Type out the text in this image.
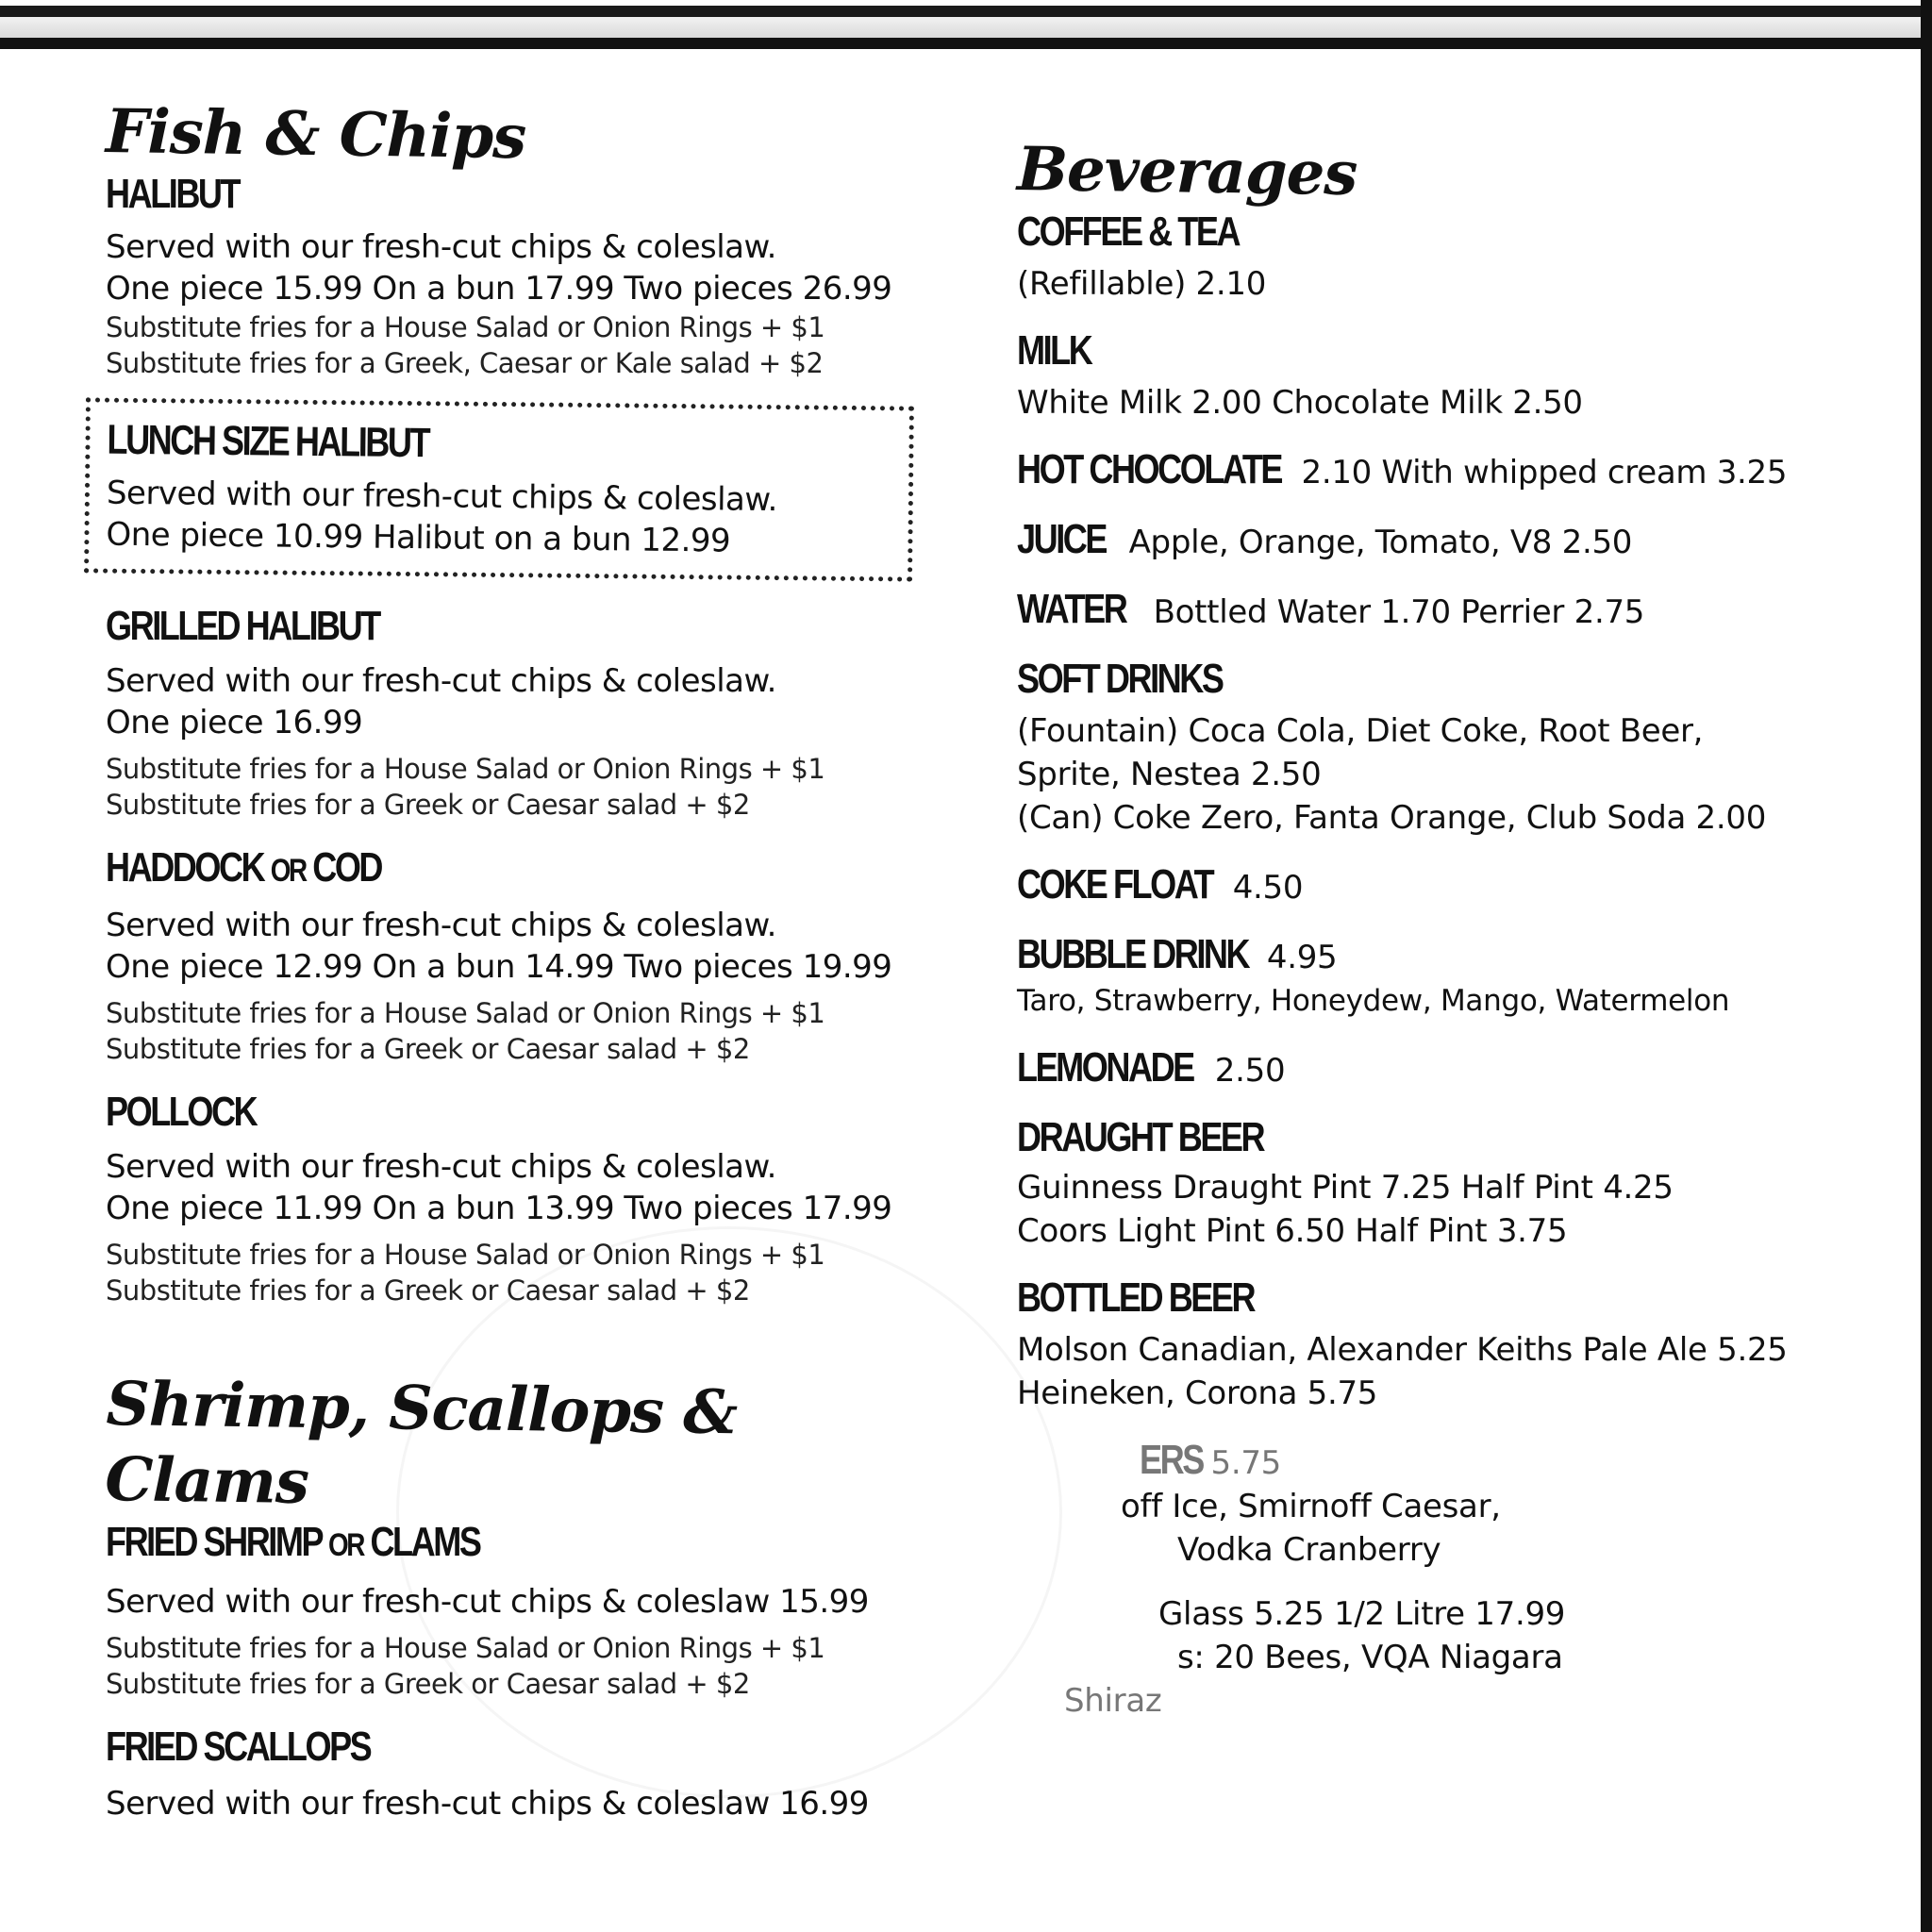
Fish & Chips

HALIBUT

Served with our fresh-cut chips & coleslaw.

One piece 15.99 On a bun 17.99 Two pieces 26.99

Substitute fries for a House Salad or Onion Rings + $1

Substitute fries for a Greek, Caesar or Kale salad + $2

LUNCH SIZE HALIBUT

Served with our fresh-cut chips & coleslaw.

One piece 10.99 Halibut on a bun 12.99

GRILLED HALIBUT

Served with our fresh-cut chips & coleslaw.

One piece 16.99

Substitute fries for a House Salad or Onion Rings + $1

Substitute fries for a Greek or Caesar salad + $2

HADDOCK OR COD

Served with our fresh-cut chips & coleslaw.

One piece 12.99 On a bun 14.99 Two pieces 19.99

Substitute fries for a House Salad or Onion Rings + $1

Substitute fries for a Greek or Caesar salad + $2

POLLOCK

Served with our fresh-cut chips & coleslaw.

One piece 11.99 On a bun 13.99 Two pieces 17.99

Substitute fries for a House Salad or Onion Rings + $1

Substitute fries for a Greek or Caesar salad + $2

Shrimp, Scallops & Clams

FRIED SHRIMP OR CLAMS

Served with our fresh-cut chips & coleslaw 15.99

Substitute fries for a House Salad or Onion Rings + $1

Substitute fries for a Greek or Caesar salad + $2

FRIED SCALLOPS

Served with our fresh-cut chips & coleslaw 16.99

Beverages

COFFEE & TEA

(Refillable) 2.10

MILK

White Milk 2.00 Chocolate Milk 2.50

HOT CHOCOLATE 2.10 With whipped cream 3.25
JUICE Apple, Orange, Tomato, V8 2.50
WATER Bottled Water 1.70 Perrier 2.75

SOFT DRINKS

(Fountain) Coca Cola, Diet Coke, Root Beer,

Sprite, Nestea 2.50

(Can) Coke Zero, Fanta Orange, Club Soda 2.00

COKE FLOAT 4.50
BUBBLE DRINK 4.95

Taro, Strawberry, Honeydew, Mango, Watermelon

LEMONADE 2.50

DRAUGHT BEER

Guinness Draught Pint 7.25 Half Pint 4.25

Coors Light Pint 6.50 Half Pint 3.75

BOTTLED BEER

Molson Canadian, Alexander Keiths Pale Ale 5.25

Heineken, Corona 5.75

ERS 5.75

off Ice, Smirnoff Caesar,

Vodka Cranberry

Glass 5.25 1/2 Litre 17.99

s: 20 Bees, VQA Niagara

Shiraz
